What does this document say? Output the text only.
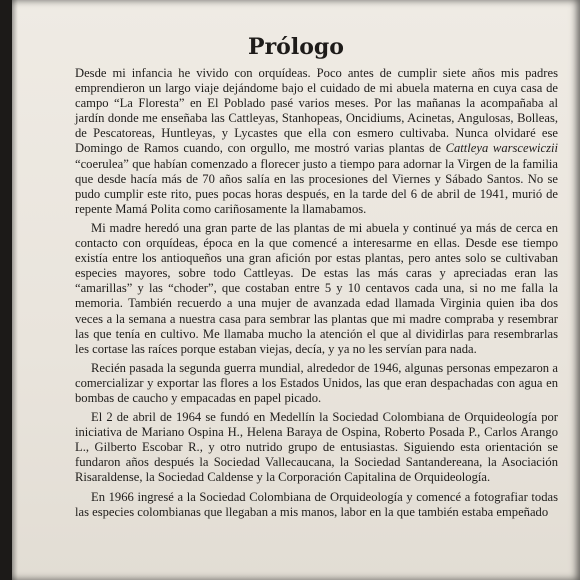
Prólogo

Desde mi infancia he vivido con orquídeas. Poco antes de cumplir siete años mis padres emprendieron un largo viaje dejándome bajo el cuidado de mi abuela materna en cuya casa de campo “La Floresta” en El Poblado pasé varios meses. Por las mañanas la acompañaba al jardín donde me enseñaba las Cattleyas, Stanhopeas, Oncidiums, Acinetas, Angulosas, Bolleas, de Pescatoreas, Huntleyas, y Lycastes que ella con esmero cultivaba. Nunca olvidaré ese Domingo de Ramos cuando, con orgullo, me mostró varias plantas de Cattleya warscewiczii “coerulea” que habían comenzado a florecer justo a tiempo para adornar la Virgen de la familia que desde hacía más de 70 años salía en las procesiones del Viernes y Sábado Santos. No se pudo cumplir este rito, pues pocas horas después, en la tarde del 6 de abril de 1941, murió de repente Mamá Polita como cariñosamente la llamabamos.

Mi madre heredó una gran parte de las plantas de mi abuela y continué ya más de cerca en contacto con orquídeas, época en la que comencé a interesarme en ellas. Desde ese tiempo existía entre los antioqueños una gran afición por estas plantas, pero antes solo se cultivaban especies mayores, sobre todo Cattleyas. De estas las más caras y apreciadas eran las “amarillas” y las “choder”, que costaban entre 5 y 10 centavos cada una, si no me falla la memoria. También recuerdo a una mujer de avanzada edad llamada Virginia quien iba dos veces a la semana a nuestra casa para sembrar las plantas que mi madre compraba y resembrar las que tenía en cultivo. Me llamaba mucho la atención el que al dividirlas para resembrarlas les cortase las raíces porque estaban viejas, decía, y ya no les servían para nada.

Recién pasada la segunda guerra mundial, alrededor de 1946, algunas personas empezaron a comercializar y exportar las flores a los Estados Unidos, las que eran despachadas con agua en bombas de caucho y empacadas en papel picado.

El 2 de abril de 1964 se fundó en Medellín la Sociedad Colombiana de Orquideología por iniciativa de Mariano Ospina H., Helena Baraya de Ospina, Roberto Posada P., Carlos Arango L., Gilberto Escobar R., y otro nutrido grupo de entusiastas. Siguiendo esta orientación se fundaron años después la Sociedad Vallecaucana, la Sociedad Santandereana, la Asociación Risaraldense, la Sociedad Caldense y la Corporación Capitalina de Orquideología.

En 1966 ingresé a la Sociedad Colombiana de Orquideología y comencé a fotografiar todas las especies colombianas que llegaban a mis manos, labor en la que también estaba empeñado
